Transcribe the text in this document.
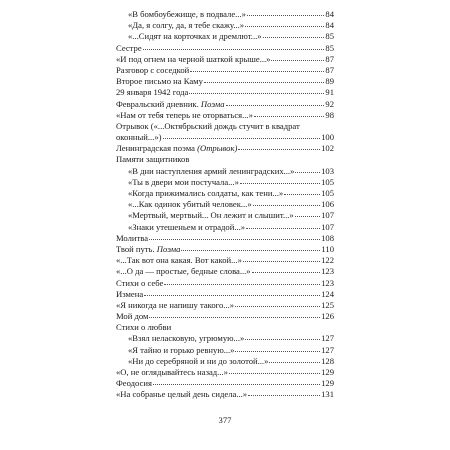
«В бомбоубежище, в подвале...»	84
«Да, я солгу, да, я тебе скажу...»	84
«...Сидят на корточках и дремлют...»	85
Сестре	85
«И под огнем на черной шаткой крыше...»	87
Разговор с соседкой	87
Второе письмо на Каму	89
29 января 1942 года	91
Февральский дневник. Поэма	92
«Нам от тебя теперь не оторваться...»	98
Отрывок («...Октябрьский дождь стучит в квадрат
оконный...»)	100
Ленинградская поэма (Отрывок)	102
Памяти защитников
«В дни наступления армий ленинградских...»	103
«Ты в двери мои постучала...»	105
«Когда прижимались солдаты, как тени...»	105
«...Как одинок убитый человек...»	106
«Мертвый, мертвый... Он лежит и слышит...»	107
«Знаки утешеньем и отрадой...»	107
Молитва	108
Твой путь. Поэма	110
«...Так вот она какая. Вот какой...»	122
«...О да — простые, бедные слова...»	123
Стихи о себе	123
Измена	124
«Я никогда не напишу такого...»	125
Мой дом	126
Стихи о любви
«Взял неласковую, угрюмую...»	127
«Я тайно и горько ревную...»	127
«Ни до серебряной и ни до золотой...»	128
«О, не оглядывайтесь назад...»	129
Феодосия	129
«На собранье целый день сидела...»	131
377
